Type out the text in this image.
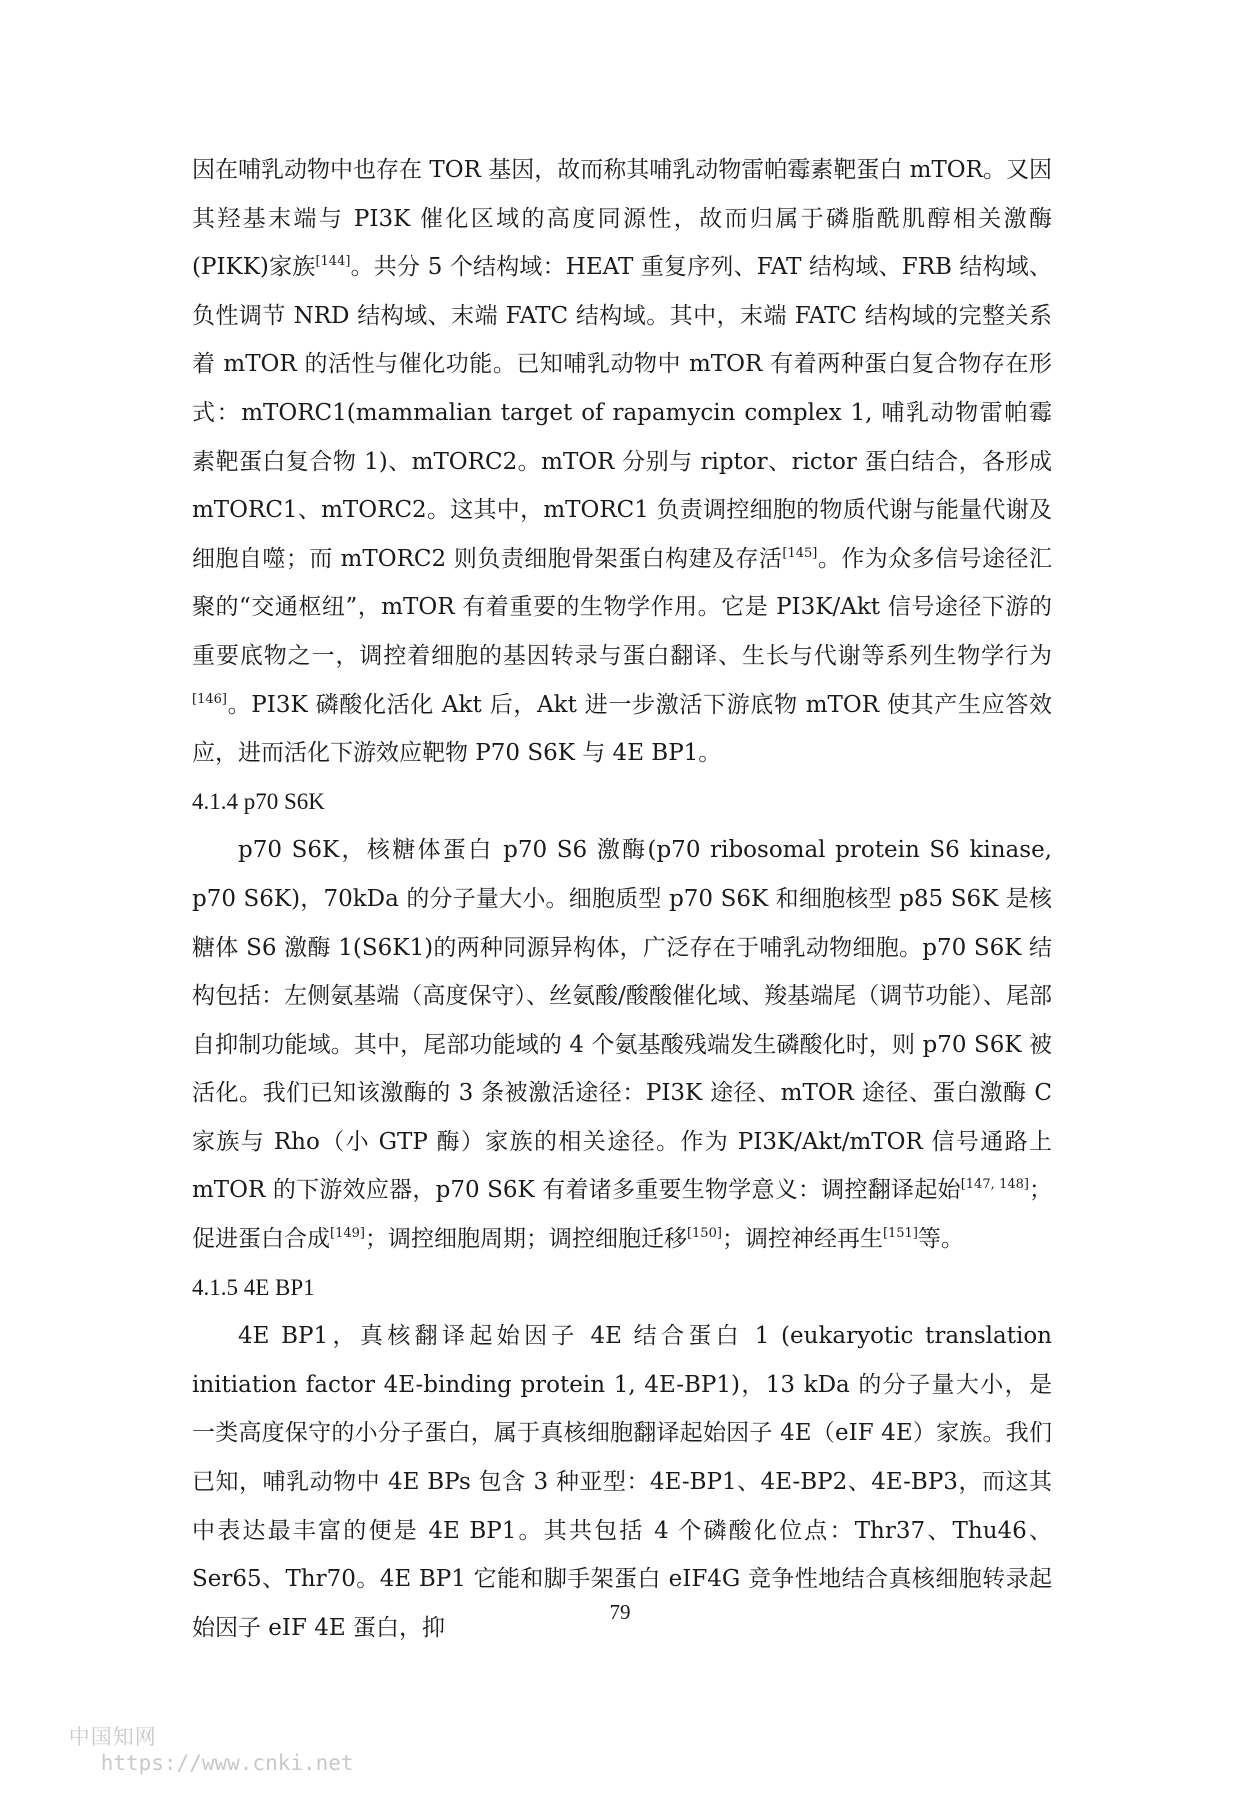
因在哺乳动物中也存在 TOR 基因，故而称其哺乳动物雷帕霉素靶蛋白 mTOR。又因其羟基末端与 PI3K 催化区域的高度同源性，故而归属于磷脂酰肌醇相关激酶(PIKK)家族[144]。共分 5 个结构域：HEAT 重复序列、FAT 结构域、FRB 结构域、负性调节 NRD 结构域、末端 FATC 结构域。其中，末端 FATC 结构域的完整关系着 mTOR 的活性与催化功能。已知哺乳动物中 mTOR 有着两种蛋白复合物存在形式：mTORC1(mammalian target of rapamycin complex 1, 哺乳动物雷帕霉素靶蛋白复合物 1)、mTORC2。mTOR 分别与 riptor、rictor 蛋白结合，各形成 mTORC1、mTORC2。这其中，mTORC1 负责调控细胞的物质代谢与能量代谢及细胞自噬；而 mTORC2 则负责细胞骨架蛋白构建及存活[145]。作为众多信号途径汇聚的“交通枢纽”，mTOR 有着重要的生物学作用。它是 PI3K/Akt 信号途径下游的重要底物之一，调控着细胞的基因转录与蛋白翻译、生长与代谢等系列生物学行为[146]。PI3K 磷酸化活化 Akt 后，Akt 进一步激活下游底物 mTOR 使其产生应答效应，进而活化下游效应靶物 P70 S6K 与 4E BP1。

4.1.4 p70 S6K

p70 S6K，核糖体蛋白 p70 S6 激酶(p70 ribosomal protein S6 kinase, p70 S6K)，70kDa 的分子量大小。细胞质型 p70 S6K 和细胞核型 p85 S6K 是核糖体 S6 激酶 1(S6K1)的两种同源异构体，广泛存在于哺乳动物细胞。p70 S6K 结构包括：左侧氨基端（高度保守）、丝氨酸/酸酸催化域、羧基端尾（调节功能）、尾部自抑制功能域。其中，尾部功能域的 4 个氨基酸残端发生磷酸化时，则 p70 S6K 被活化。我们已知该激酶的 3 条被激活途径：PI3K 途径、mTOR 途径、蛋白激酶 C 家族与 Rho（小 GTP 酶）家族的相关途径。作为 PI3K/Akt/mTOR 信号通路上 mTOR 的下游效应器，p70 S6K 有着诸多重要生物学意义：调控翻译起始[147, 148]；促进蛋白合成[149]；调控细胞周期；调控细胞迁移[150]；调控神经再生[151]等。

4.1.5 4E BP1

4E BP1，真核翻译起始因子 4E 结合蛋白 1 (eukaryotic translation initiation factor 4E-binding protein 1, 4E-BP1)，13 kDa 的分子量大小，是一类高度保守的小分子蛋白，属于真核细胞翻译起始因子 4E（eIF 4E）家族。我们已知，哺乳动物中 4E BPs 包含 3 种亚型：4E-BP1、4E-BP2、4E-BP3，而这其中表达最丰富的便是 4E BP1。其共包括 4 个磷酸化位点：Thr37、Thu46、Ser65、Thr70。4E BP1 它能和脚手架蛋白 eIF4G 竞争性地结合真核细胞转录起始因子 eIF 4E 蛋白，抑

79

中国知网
https://www.cnki.net
